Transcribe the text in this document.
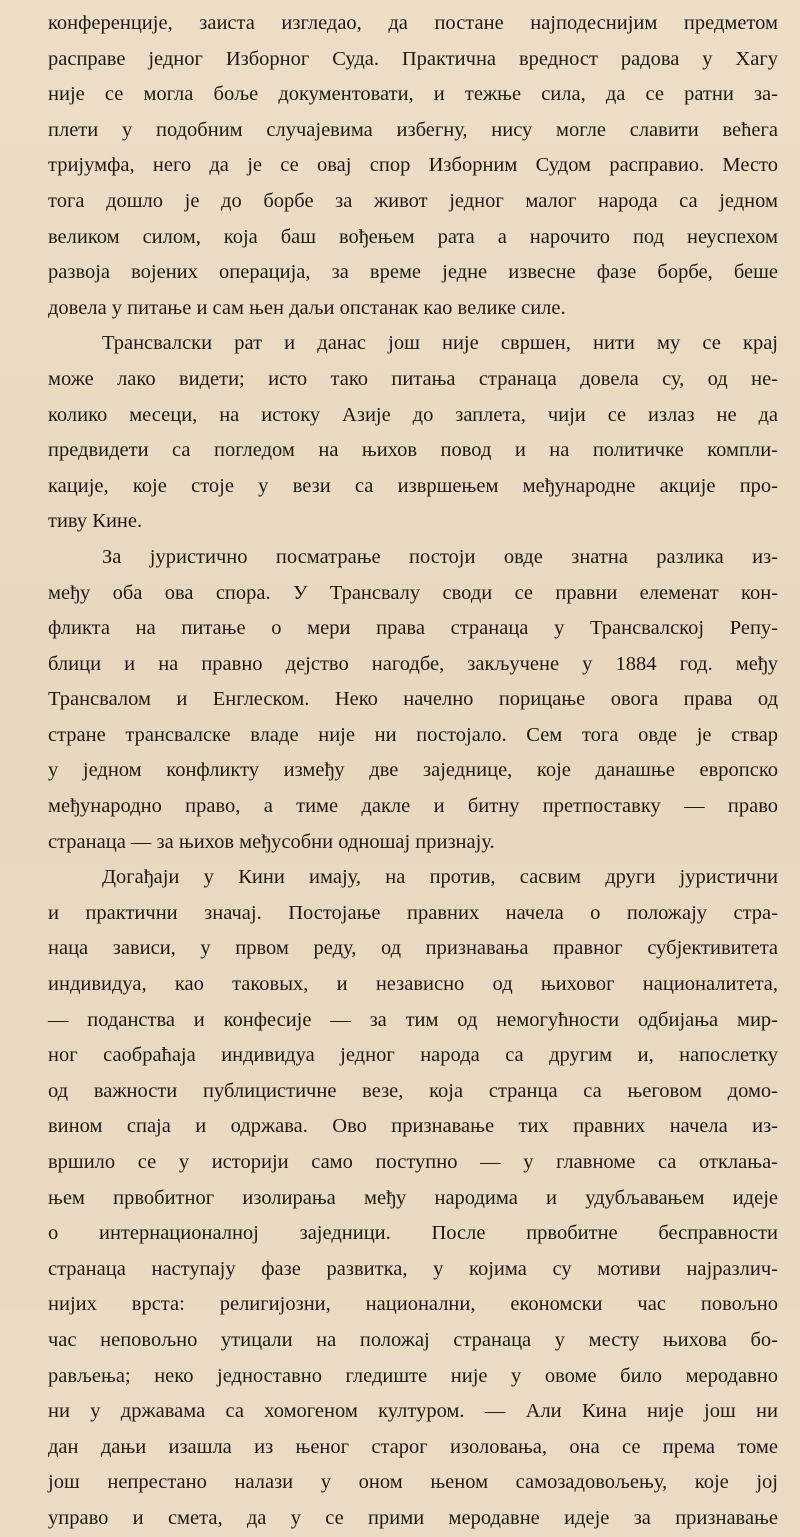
конференције, заиста изгледао, да постане најподеснијим предметом
расправе једног Изборног Суда. Практична вредност радова у Хагу
није се могла боље документовати, и тежње сила, да се ратни за-
плети у подобним случајевима избегну, нису могле славити већега
тријумфа, него да је се овај спор Изборним Судом расправио. Место
тога дошло је до борбе за живот једног малог народа са једном
великом силом, која баш вођењем рата а нарочито под неуспехом
развоја војених операција, за време једне извесне фазе борбе, беше
довела у питање и сам њен даљи опстанак као велике силе.

Трансвалски рат и данас још није свршен, нити му се крај
може лако видети; исто тако питања странаца довела су, од не-
колико месеци, на истоку Азије до заплета, чији се излаз не да
предвидети са погледом на њихов повод и на политичке компли-
кације, које стоје у вези са извршењем међународне акције про-
тиву Кине.

За јуристично посматрање постоји овде знатна разлика из-
међу оба ова спора. У Трансвалу своди се правни елеменат кон-
фликта на питање о мери права странаца у Трансвалској Репу-
блици и на правно дејство нагодбе, закључене у 1884 год. међу
Трансвалом и Енглеском. Неко начелно порицање овога права од
стране трансвалске владе није ни постојало. Сем тога овде је ствар
у једном конфликту између две заједнице, које данашње европско
међународно право, а тиме дакле и битну претпоставку — право
странаца — за њихов међусобни одношај признају.

Догађаји у Кини имају, на против, сасвим други јуристични
и практични значај. Постојање правних начела о положају стра-
наца зависи, у првом реду, од признавања правног субјективитета
индивидуа, као таковых, и независно од њиховог националитета,
— поданства и конфесије — за тим од немогућности одбијања мир-
ног саобраћаја индивидуа једног народа са другим и, напослетку
од важности публицистичне везе, која странца са његовом домо-
вином спаја и одржава. Ово признавање тих правних начела из-
вршило се у историји само поступно — у главноме са отклања-
њем првобитног изолирања међу народима и удубљавањем идеје
о интернационалној заједници. После првобитне бесправности
странаца наступају фазе развитка, у којима су мотиви најразлич-
нијих врста: религијозни, национални, економски час повољно
час неповољно утицали на положај странаца у месту њихова бо-
рављења; неко једноставно гледиште није у овоме било меродавно
ни у државама са хомогеном културом. — Али Кина није још ни
дан дањи изашла из њеног старог изоловања, она се према томе
још непрестано налази у оном њеном самозадовољењу, које јој
управо и смета, да у се прими меродавне идеје за признавање
